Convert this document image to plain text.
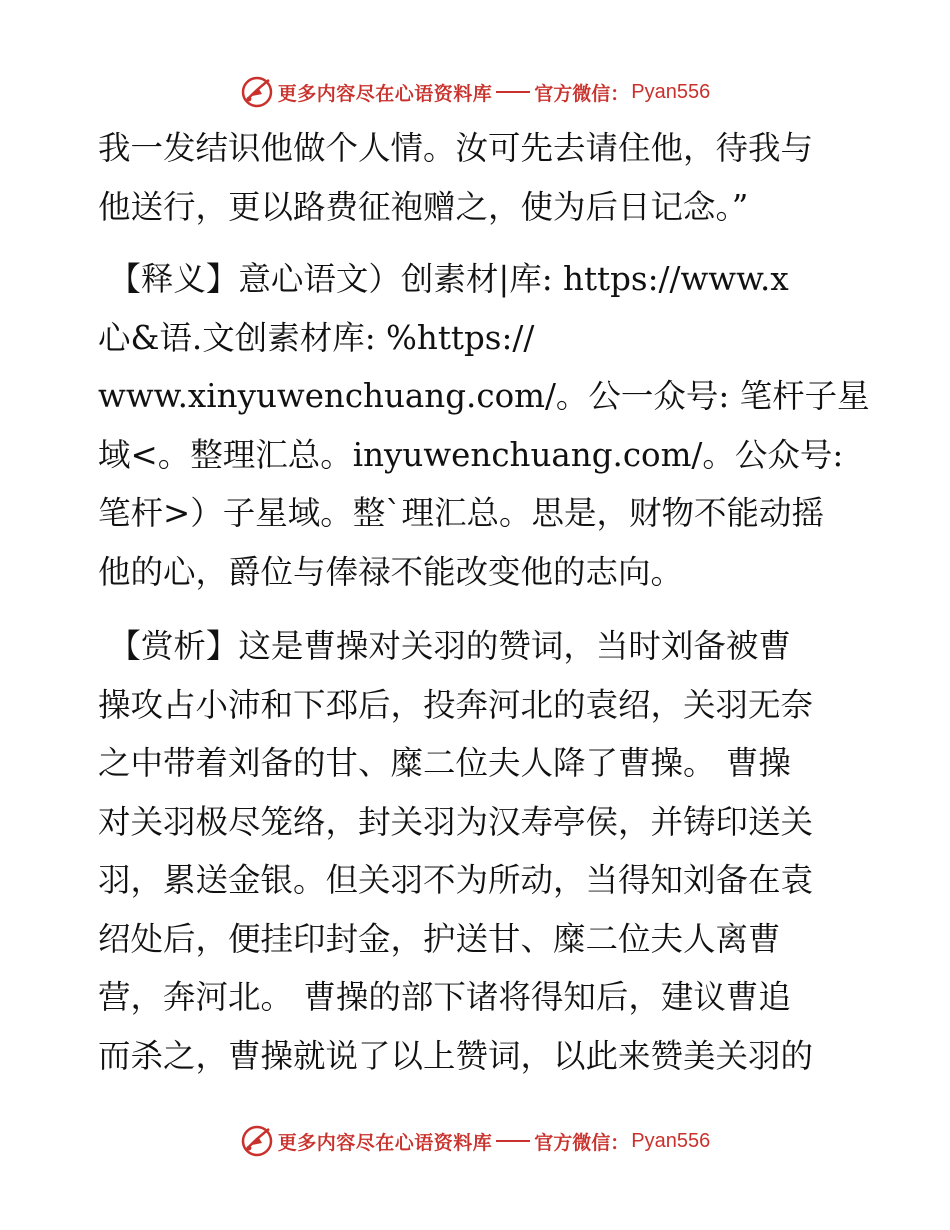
更多内容尽在心语资料库 官方微信： Pyan556
我一发结识他做个人情。汝可先去请住他，待我与
他送行，更以路费征袍赠之，使为后日记念。”
【释义】意心语文）创素材|库: https://www.x
心&语.文创素材库: %https://
www.xinyuwenchuang.com/。公一众号: 笔杆子星
域<。整理汇总。inyuwenchuang.com/。公众号:
笔杆>）子星域。整`理汇总。思是，财物不能动摇
他的心，爵位与俸禄不能改变他的志向。
【赏析】这是曹操对关羽的赞词，当时刘备被曹
操攻占小沛和下邳后，投奔河北的袁绍，关羽无奈
之中带着刘备的甘、糜二位夫人降了曹操。 曹操
对关羽极尽笼络，封关羽为汉寿亭侯，并铸印送关
羽，累送金银。但关羽不为所动，当得知刘备在袁
绍处后，便挂印封金，护送甘、糜二位夫人离曹
营，奔河北。 曹操的部下诸将得知后，建议曹追
而杀之，曹操就说了以上赞词，以此来赞美关羽的
更多内容尽在心语资料库 官方微信： Pyan556
